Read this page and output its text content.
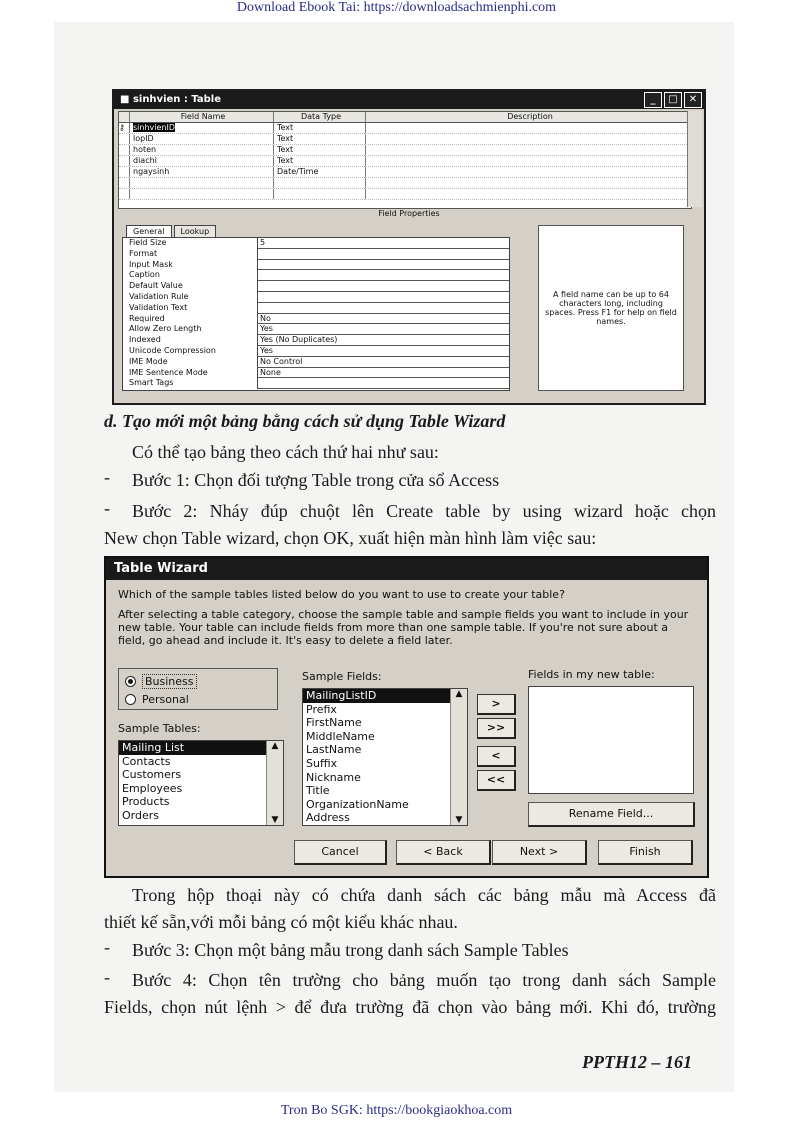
Download Ebook Tai: https://downloadsachmienphi.com
■ sinhvien : Table	_	□	✕
Field Name	Data Type	Description
⚷	sinhvienID	Text
lopID	Text
hoten	Text
diachi	Text
ngaysinh	Date/Time
Field Properties
General	Lookup
Field Size	5
Format
Input Mask
Caption
Default Value
Validation Rule
Validation Text
Required	No
Allow Zero Length	Yes
Indexed	Yes (No Duplicates)
Unicode Compression	Yes
IME Mode	No Control
IME Sentence Mode	None
Smart Tags
A field name can be up to 64 characters long, including spaces. Press F1 for help on field names.
d. Tạo mới một bảng bằng cách sử dụng Table Wizard
Có thể tạo bảng theo cách thứ hai như sau:
-	Bước 1: Chọn đối tượng Table trong cửa sổ Access
-	Bước 2: Nháy đúp chuột lên Create table by using wizard hoặc chọn
New chọn Table wizard, chọn OK, xuất hiện màn hình làm việc sau:
Table Wizard
Which of the sample tables listed below do you want to use to create your table?
After selecting a table category, choose the sample table and sample fields you want to include in your new table. Your table can include fields from more than one sample table. If you're not sure about a field, go ahead and include it. It's easy to delete a field later.
Business
Personal
Sample Tables:
Mailing List
Contacts
Customers
Employees
Products
Orders
▲
▼
Sample Fields:
MailingListID
Prefix
FirstName
MiddleName
LastName
Suffix
Nickname
Title
OrganizationName
Address
▲
▼
>
>>
<
<<
Fields in my new table:
Rename Field...
Cancel	< Back	Next >	Finish
Trong hộp thoại này có chứa danh sách các bảng mẫu mà Access đã
thiết kế sẵn,với mỗi bảng có một kiểu khác nhau.
-	Bước 3: Chọn một bảng mẫu trong danh sách Sample Tables
-	Bước 4: Chọn tên trường cho bảng muốn tạo trong danh sách Sample
Fields, chọn nút lệnh > để đưa trường đã chọn vào bảng mới. Khi đó, trường
PPTH12 – 161
Tron Bo SGK: https://bookgiaokhoa.com
